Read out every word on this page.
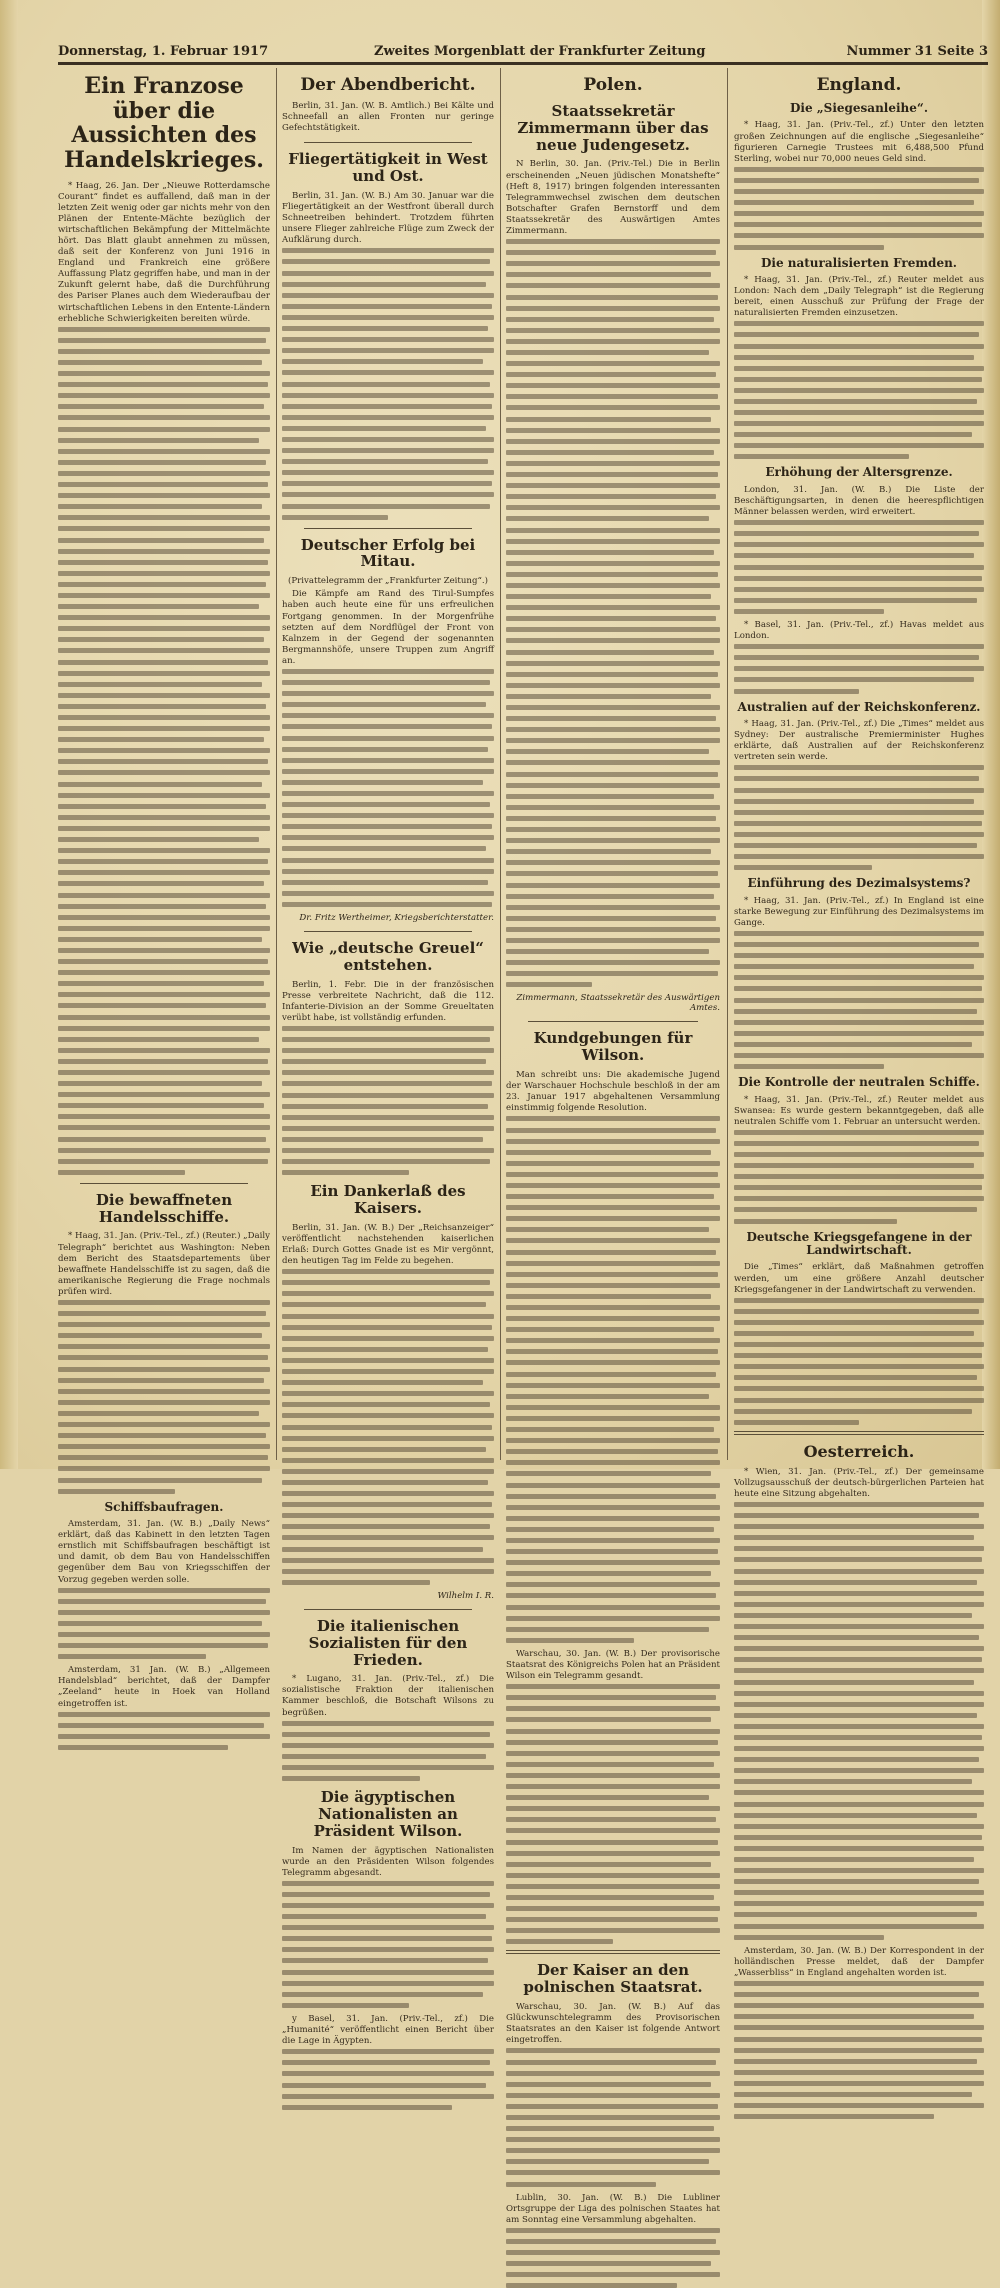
Donnerstag, 1. Februar 1917	Zweites Morgenblatt der Frankfurter Zeitung	Nummer 31 Seite 3
Ein Franzose über die Aussichten des Handelskrieges.
* Haag, 26. Jan. Der „Nieuwe Rotterdamsche Courant“ findet es auffallend, daß man in der letzten Zeit wenig oder gar nichts mehr von den Plänen der Entente-Mächte bezüglich der wirtschaftlichen Bekämpfung der Mittelmächte hört. Das Blatt glaubt annehmen zu müssen, daß seit der Konferenz von Juni 1916 in England und Frankreich eine größere Auffassung Platz gegriffen habe, und man in der Zukunft gelernt habe, daß die Durchführung des Pariser Planes auch dem Wiederaufbau der wirtschaftlichen Lebens in den Entente-Ländern erhebliche Schwierigkeiten bereiten würde.
Die bewaffneten Handelsschiffe.
* Haag, 31. Jan. (Priv.-Tel., zf.) (Reuter.) „Daily Telegraph“ berichtet aus Washington: Neben dem Bericht des Staatsdepartements über bewaffnete Handelsschiffe ist zu sagen, daß die amerikanische Regierung die Frage nochmals prüfen wird.
Schiffsbaufragen.
Amsterdam, 31. Jan. (W. B.) „Daily News“ erklärt, daß das Kabinett in den letzten Tagen ernstlich mit Schiffsbaufragen beschäftigt ist und damit, ob dem Bau von Handelsschiffen gegenüber dem Bau von Kriegsschiffen der Vorzug gegeben werden solle.
Amsterdam, 31 Jan. (W. B.) „Allgemeen Handelsblad“ berichtet, daß der Dampfer „Zeeland“ heute in Hoek van Holland eingetroffen ist.
Der Abendbericht.
Berlin, 31. Jan. (W. B. Amtlich.) Bei Kälte und Schneefall an allen Fronten nur geringe Gefechtstätigkeit.
Fliegertätigkeit in West und Ost.
Berlin, 31. Jan. (W. B.) Am 30. Januar war die Fliegertätigkeit an der Westfront überall durch Schneetreiben behindert. Trotzdem führten unsere Flieger zahlreiche Flüge zum Zweck der Aufklärung durch.
Deutscher Erfolg bei Mitau.
(Privattelegramm der „Frankfurter Zeitung“.)
Die Kämpfe am Rand des Tirul-Sumpfes haben auch heute eine für uns erfreulichen Fortgang genommen. In der Morgenfrühe setzten auf dem Nordflügel der Front von Kalnzem in der Gegend der sogenannten Bergmannshöfe, unsere Truppen zum Angriff an.
Dr. Fritz Wertheimer, Kriegsberichterstatter.
Wie „deutsche Greuel“ entstehen.
Berlin, 1. Febr. Die in der französischen Presse verbreitete Nachricht, daß die 112. Infanterie-Division an der Somme Greueltaten verübt habe, ist vollständig erfunden.
Ein Dankerlaß des Kaisers.
Berlin, 31. Jan. (W. B.) Der „Reichsanzeiger“ veröffentlicht nachstehenden kaiserlichen Erlaß: Durch Gottes Gnade ist es Mir vergönnt, den heutigen Tag im Felde zu begehen.
Wilhelm I. R.
Die italienischen Sozialisten für den Frieden.
* Lugano, 31. Jan. (Priv.-Tel., zf.) Die sozialistische Fraktion der italienischen Kammer beschloß, die Botschaft Wilsons zu begrüßen.
Die ägyptischen Nationalisten an Präsident Wilson.
Im Namen der ägyptischen Nationalisten wurde an den Präsidenten Wilson folgendes Telegramm abgesandt.
y Basel, 31. Jan. (Priv.-Tel., zf.) Die „Humanité“ veröffentlicht einen Bericht über die Lage in Ägypten.
Polen.
Staatssekretär Zimmermann über das neue Judengesetz.
N Berlin, 30. Jan. (Priv.-Tel.) Die in Berlin erscheinenden „Neuen jüdischen Monatshefte“ (Heft 8, 1917) bringen folgenden interessanten Telegrammwechsel zwischen dem deutschen Botschafter Grafen Bernstorff und dem Staatssekretär des Auswärtigen Amtes Zimmermann.
Zimmermann, Staatssekretär des Auswärtigen Amtes.
Kundgebungen für Wilson.
Man schreibt uns: Die akademische Jugend der Warschauer Hochschule beschloß in der am 23. Januar 1917 abgehaltenen Versammlung einstimmig folgende Resolution.
Warschau, 30. Jan. (W. B.) Der provisorische Staatsrat des Königreichs Polen hat an Präsident Wilson ein Telegramm gesandt.
Der Kaiser an den polnischen Staatsrat.
Warschau, 30. Jan. (W. B.) Auf das Glückwunschtelegramm des Provisorischen Staatsrates an den Kaiser ist folgende Antwort eingetroffen.
Lublin, 30. Jan. (W. B.) Die Lubliner Ortsgruppe der Liga des polnischen Staates hat am Sonntag eine Versammlung abgehalten.
England.
Die „Siegesanleihe“.
* Haag, 31. Jan. (Priv.-Tel., zf.) Unter den letzten großen Zeichnungen auf die englische „Siegesanleihe“ figurieren Carnegie Trustees mit 6,488,500 Pfund Sterling, wobei nur 70,000 neues Geld sind.
Die naturalisierten Fremden.
* Haag, 31. Jan. (Priv.-Tel., zf.) Reuter meldet aus London: Nach dem „Daily Telegraph“ ist die Regierung bereit, einen Ausschuß zur Prüfung der Frage der naturalisierten Fremden einzusetzen.
Erhöhung der Altersgrenze.
London, 31. Jan. (W. B.) Die Liste der Beschäftigungsarten, in denen die heerespflichtigen Männer belassen werden, wird erweitert.
* Basel, 31. Jan. (Priv.-Tel., zf.) Havas meldet aus London.
Australien auf der Reichskonferenz.
* Haag, 31. Jan. (Priv.-Tel., zf.) Die „Times“ meldet aus Sydney: Der australische Premierminister Hughes erklärte, daß Australien auf der Reichskonferenz vertreten sein werde.
Einführung des Dezimalsystems?
* Haag, 31. Jan. (Priv.-Tel., zf.) In England ist eine starke Bewegung zur Einführung des Dezimalsystems im Gange.
Die Kontrolle der neutralen Schiffe.
* Haag, 31. Jan. (Priv.-Tel., zf.) Reuter meldet aus Swansea: Es wurde gestern bekanntgegeben, daß alle neutralen Schiffe vom 1. Februar an untersucht werden.
Deutsche Kriegsgefangene in der Landwirtschaft.
Die „Times“ erklärt, daß Maßnahmen getroffen werden, um eine größere Anzahl deutscher Kriegsgefangener in der Landwirtschaft zu verwenden.
Oesterreich.
* Wien, 31. Jan. (Priv.-Tel., zf.) Der gemeinsame Vollzugsausschuß der deutsch-bürgerlichen Parteien hat heute eine Sitzung abgehalten.
Amsterdam, 30. Jan. (W. B.) Der Korrespondent in der holländischen Presse meldet, daß der Dampfer „Wasserbliss“ in England angehalten worden ist.
